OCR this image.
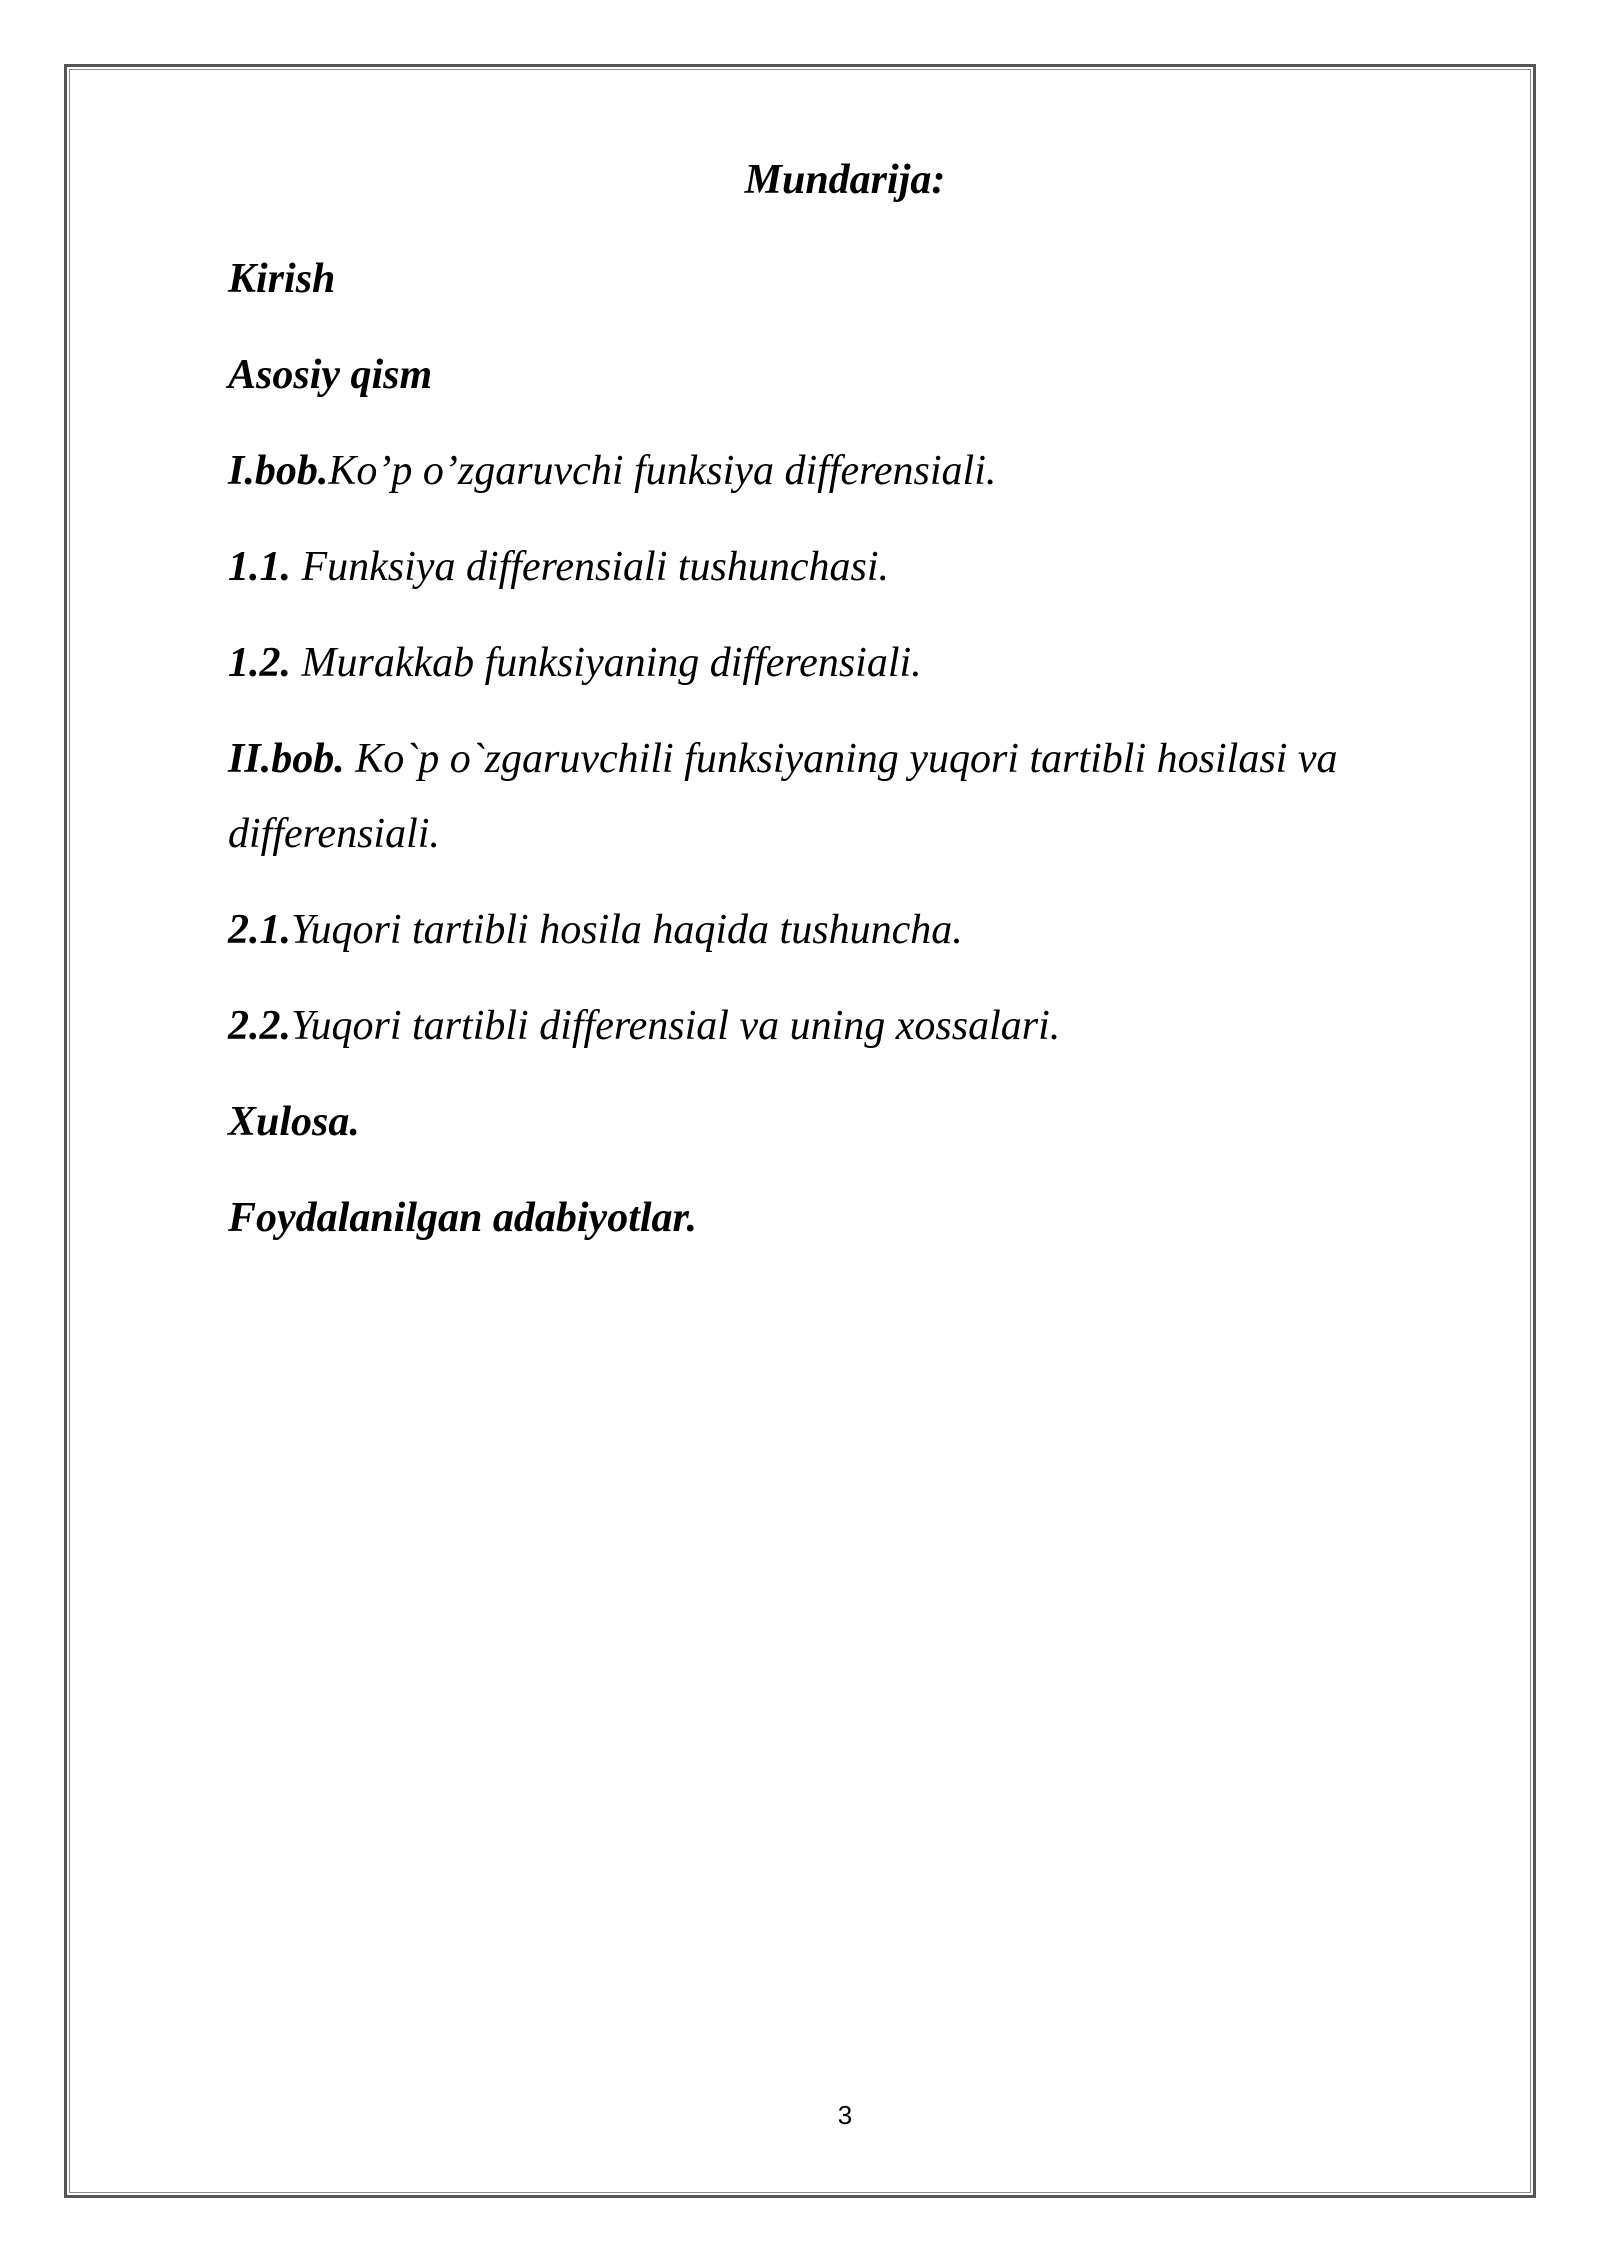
Mundarija:
Kirish
Asosiy qism
I.bob.Ko’p o’zgaruvchi funksiya differensiali.
1.1. Funksiya differensiali tushunchasi.
1.2. Murakkab funksiyaning differensiali.
II.bob. Ko`p o`zgaruvchili funksiyaning yuqori tartibli hosilasi va differensiali.
2.1.Yuqori tartibli hosila haqida tushuncha.
2.2.Yuqori tartibli differensial va uning xossalari.
Xulosa.
Foydalanilgan adabiyotlar.
3
